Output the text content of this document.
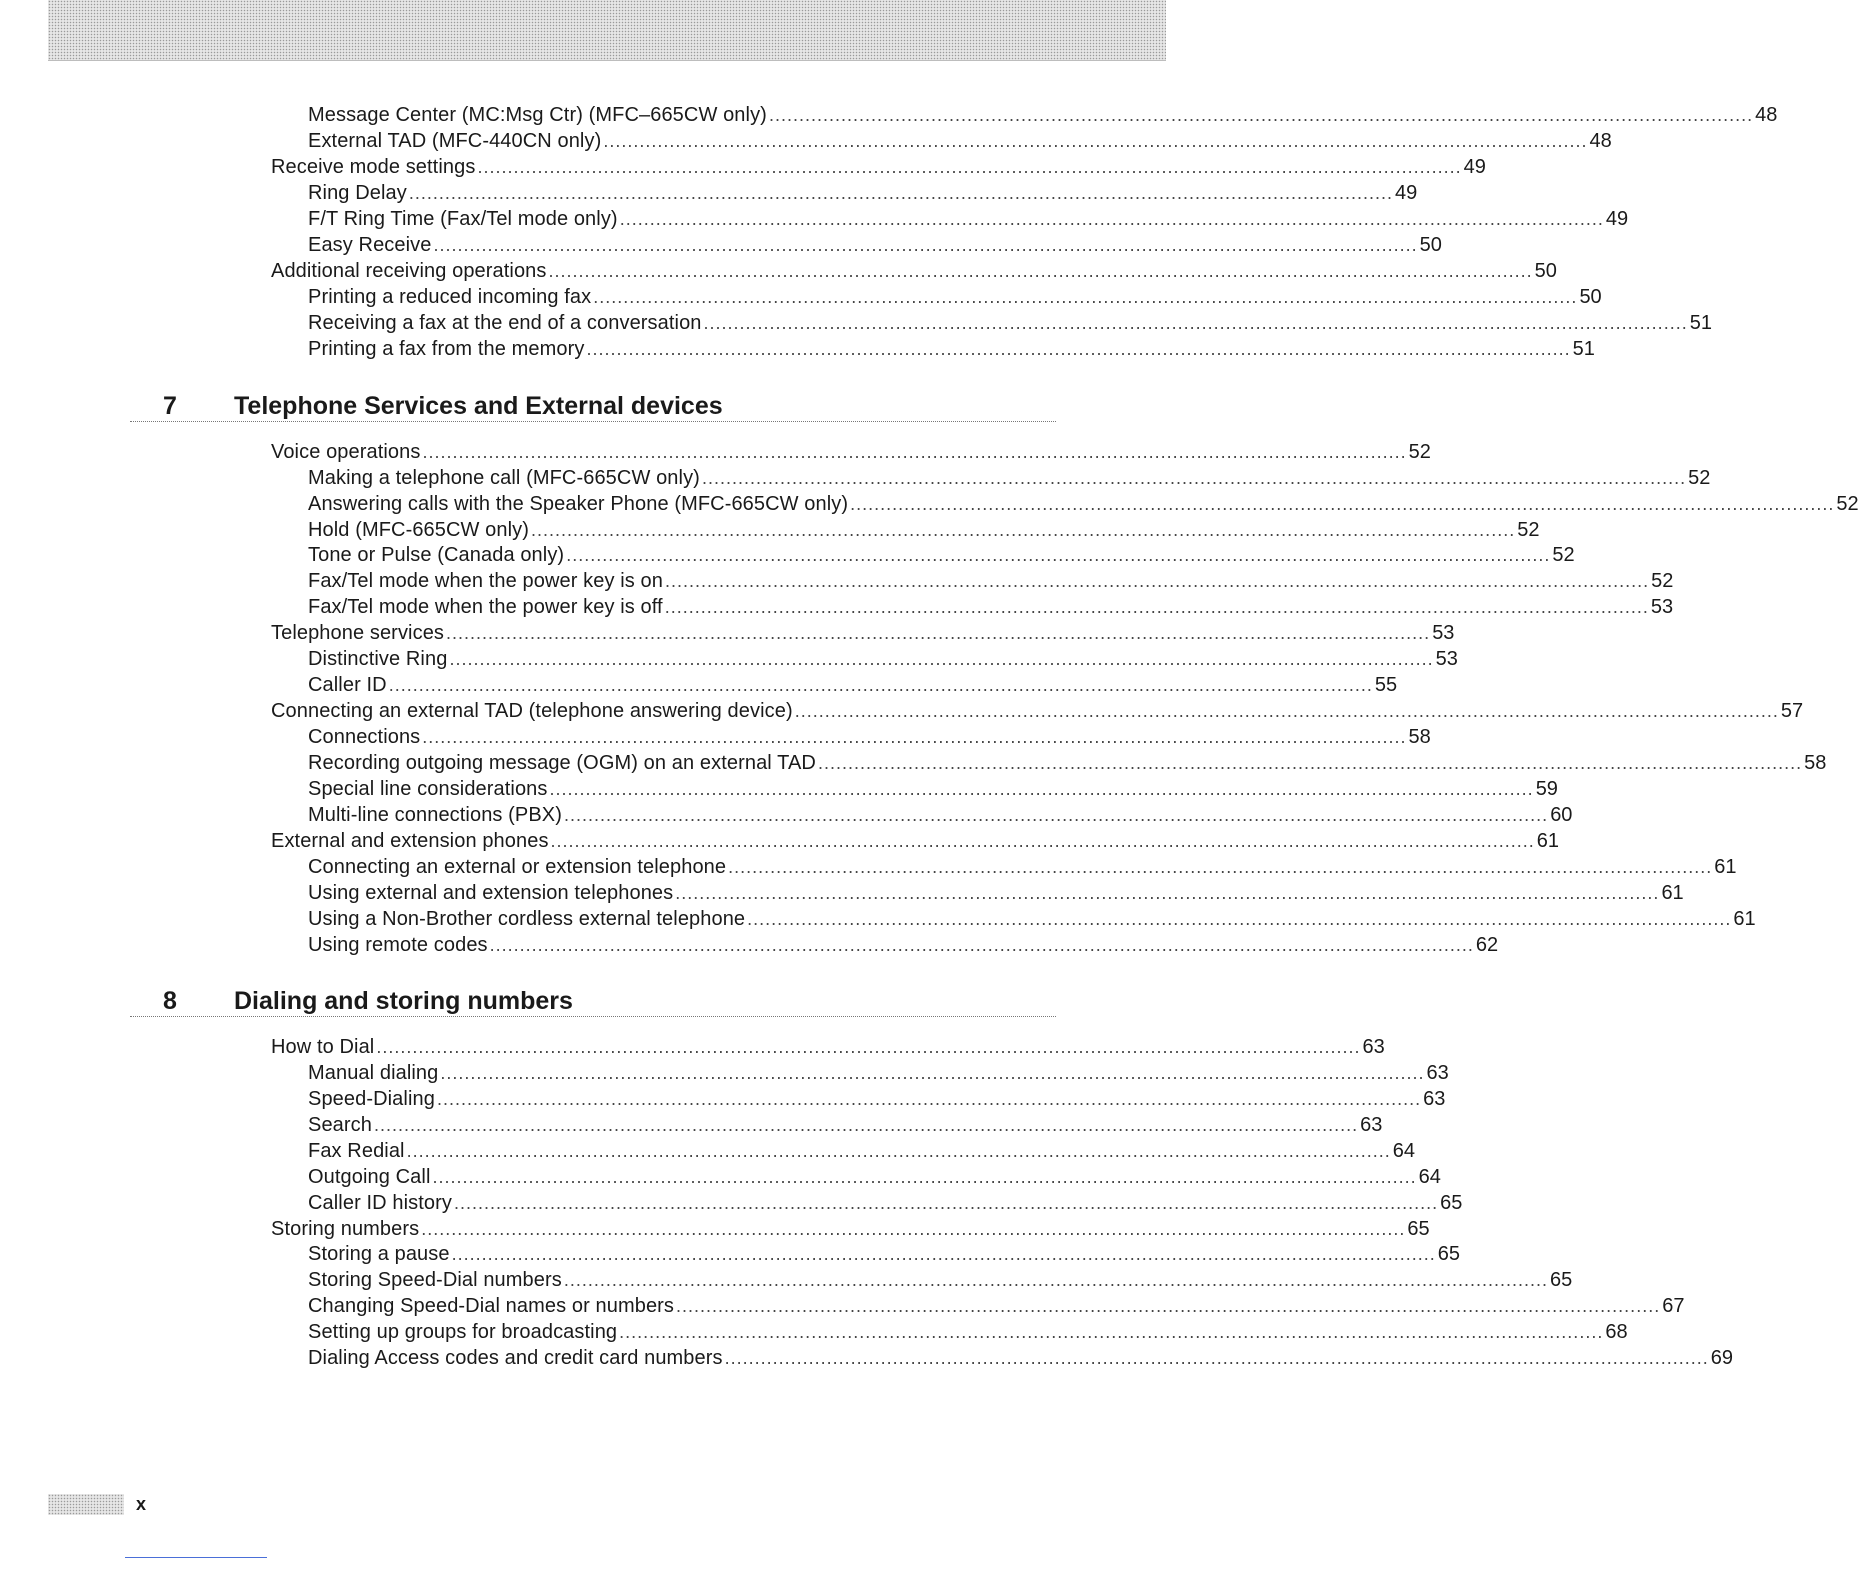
Message Center (MC:Msg Ctr) (MFC–665CW only) .................................................................................................................................................................... 48
External TAD (MFC-440CN only) .................................................................................................................................................................... 48
Receive mode settings .................................................................................................................................................................... 49
Ring Delay .................................................................................................................................................................... 49
F/T Ring Time (Fax/Tel mode only) .................................................................................................................................................................... 49
Easy Receive .................................................................................................................................................................... 50
Additional receiving operations .................................................................................................................................................................... 50
Printing a reduced incoming fax .................................................................................................................................................................... 50
Receiving a fax at the end of a conversation .................................................................................................................................................................... 51
Printing a fax from the memory .................................................................................................................................................................... 51
7 Telephone Services and External devices
Voice operations .................................................................................................................................................................... 52
Making a telephone call (MFC-665CW only) .................................................................................................................................................................... 52
Answering calls with the Speaker Phone (MFC-665CW only) .................................................................................................................................................................... 52
Hold (MFC-665CW only) .................................................................................................................................................................... 52
Tone or Pulse (Canada only) .................................................................................................................................................................... 52
Fax/Tel mode when the power key is on .................................................................................................................................................................... 52
Fax/Tel mode when the power key is off .................................................................................................................................................................... 53
Telephone services .................................................................................................................................................................... 53
Distinctive Ring .................................................................................................................................................................... 53
Caller ID .................................................................................................................................................................... 55
Connecting an external TAD (telephone answering device) .................................................................................................................................................................... 57
Connections .................................................................................................................................................................... 58
Recording outgoing message (OGM) on an external TAD .................................................................................................................................................................... 58
Special line considerations .................................................................................................................................................................... 59
Multi-line connections (PBX) .................................................................................................................................................................... 60
External and extension phones .................................................................................................................................................................... 61
Connecting an external or extension telephone .................................................................................................................................................................... 61
Using external and extension telephones .................................................................................................................................................................... 61
Using a Non-Brother cordless external telephone .................................................................................................................................................................... 61
Using remote codes .................................................................................................................................................................... 62
8 Dialing and storing numbers
How to Dial .................................................................................................................................................................... 63
Manual dialing .................................................................................................................................................................... 63
Speed-Dialing .................................................................................................................................................................... 63
Search .................................................................................................................................................................... 63
Fax Redial .................................................................................................................................................................... 64
Outgoing Call .................................................................................................................................................................... 64
Caller ID history .................................................................................................................................................................... 65
Storing numbers .................................................................................................................................................................... 65
Storing a pause .................................................................................................................................................................... 65
Storing Speed-Dial numbers .................................................................................................................................................................... 65
Changing Speed-Dial names or numbers .................................................................................................................................................................... 67
Setting up groups for broadcasting .................................................................................................................................................................... 68
Dialing Access codes and credit card numbers .................................................................................................................................................................... 69
x
